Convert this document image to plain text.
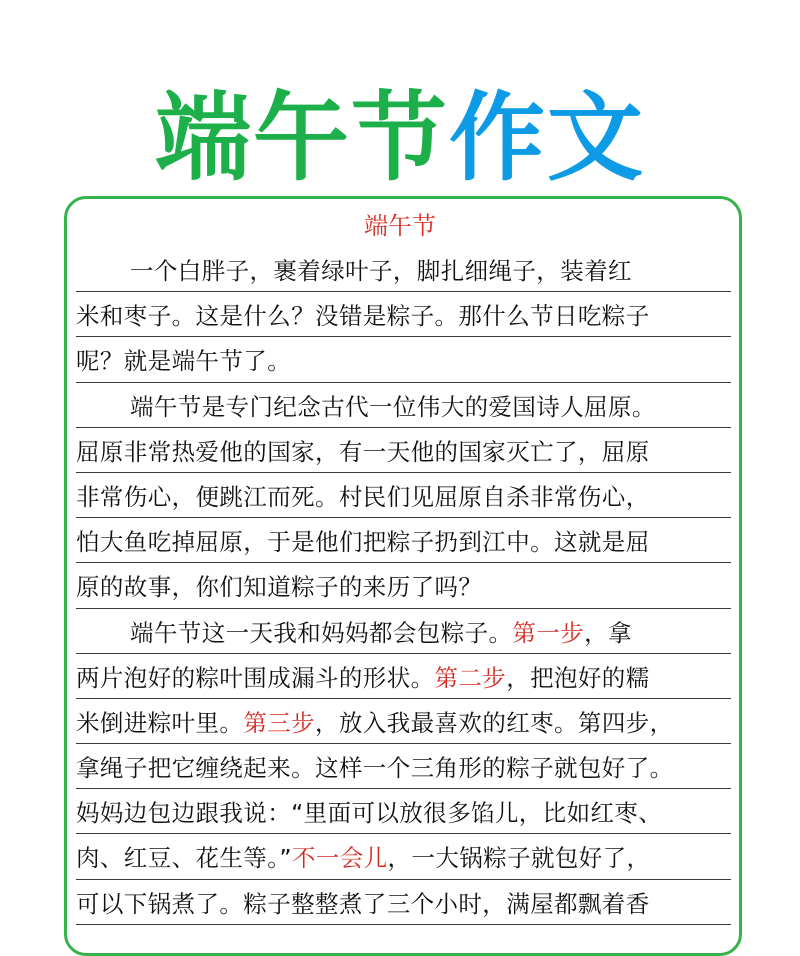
端午节作文
端午节
一个白胖子，裹着绿叶子，脚扎细绳子，装着红
米和枣子。这是什么？没错是粽子。那什么节日吃粽子
呢？就是端午节了。
端午节是专门纪念古代一位伟大的爱国诗人屈原。
屈原非常热爱他的国家，有一天他的国家灭亡了，屈原
非常伤心，便跳江而死。村民们见屈原自杀非常伤心，
怕大鱼吃掉屈原，于是他们把粽子扔到江中。这就是屈
原的故事，你们知道粽子的来历了吗？
端午节这一天我和妈妈都会包粽子。第一步，拿
两片泡好的粽叶围成漏斗的形状。第二步，把泡好的糯
米倒进粽叶里。第三步，放入我最喜欢的红枣。第四步，
拿绳子把它缠绕起来。这样一个三角形的粽子就包好了。
妈妈边包边跟我说：“里面可以放很多馅儿，比如红枣、
肉、红豆、花生等。”不一会儿，一大锅粽子就包好了，
可以下锅煮了。粽子整整煮了三个小时，满屋都飘着香
